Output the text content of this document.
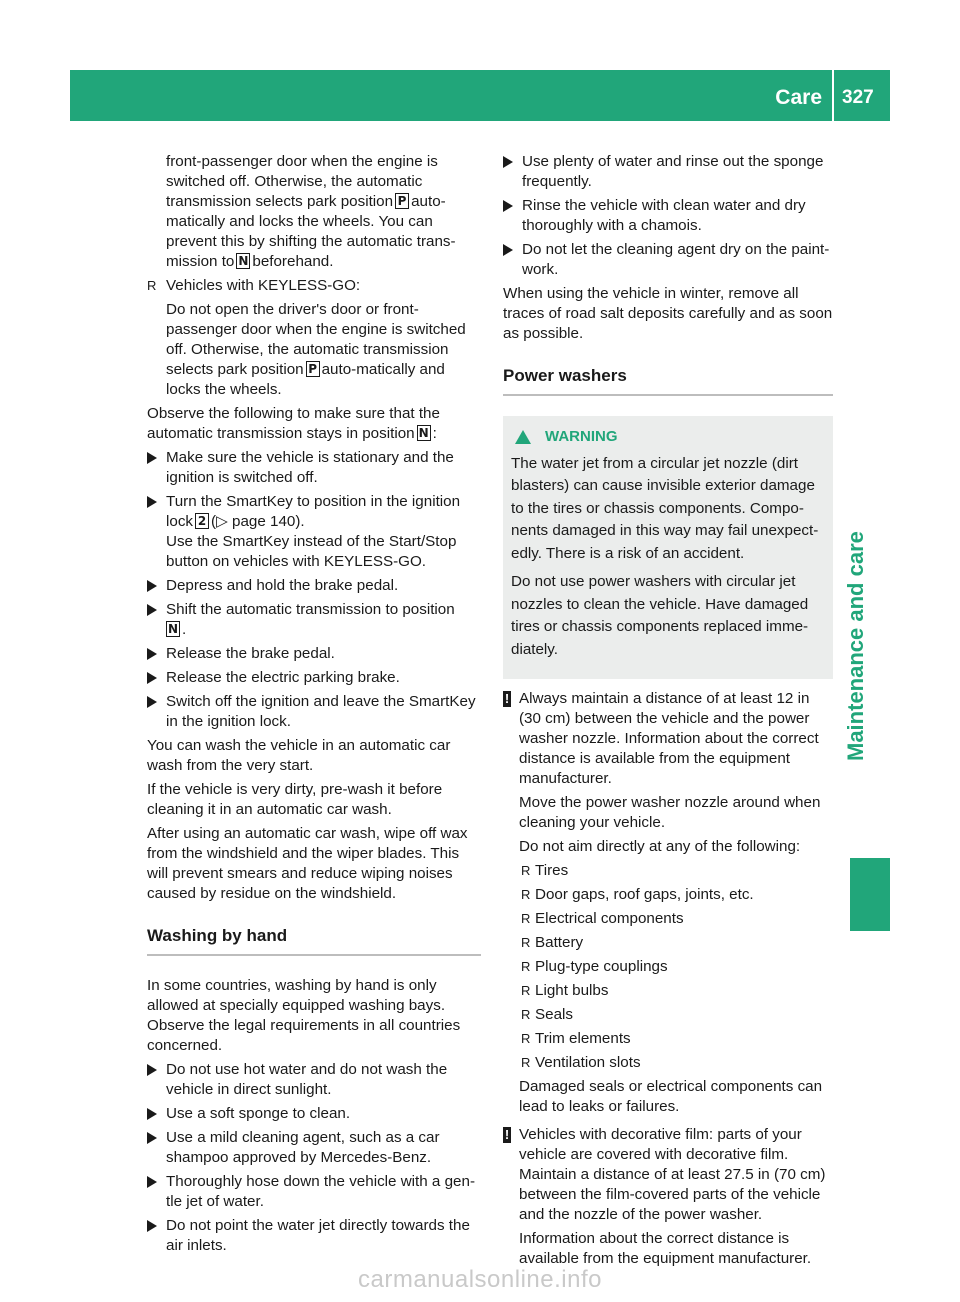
Care 327
Maintenance and care
front-passenger door when the engine is
switched off. Otherwise, the automatic
transmission selects park position P auto-
matically and locks the wheels. You can
prevent this by shifting the automatic trans-
mission to N beforehand.
R Vehicles with KEYLESS-GO:

Do not open the driver's door or front-passenger door when the engine is switched off. Otherwise, the automatic transmission selects park position P auto-matically and locks the wheels.

Observe the following to make sure that the automatic transmission stays in position N :

Make sure the vehicle is stationary and the ignition is switched off.
Turn the SmartKey to position in the ignition lock 2 (▷ page 140).
Use the SmartKey instead of the Start/Stop button on vehicles with KEYLESS-GO.
Depress and hold the brake pedal.
Shift the automatic transmission to position
N .
Release the brake pedal.
Release the electric parking brake.
Switch off the ignition and leave the SmartKey in the ignition lock.

You can wash the vehicle in an automatic car wash from the very start.

If the vehicle is very dirty, pre-wash it before cleaning it in an automatic car wash.

After using an automatic car wash, wipe off wax from the windshield and the wiper blades. This will prevent smears and reduce wiping noises caused by residue on the windshield.

Washing by hand

In some countries, washing by hand is only allowed at specially equipped washing bays. Observe the legal requirements in all countries concerned.

Do not use hot water and do not wash the vehicle in direct sunlight.
Use a soft sponge to clean.
Use a mild cleaning agent, such as a car shampoo approved by Mercedes-Benz.
Thoroughly hose down the vehicle with a gen-tle jet of water.
Do not point the water jet directly towards the air inlets.
Use plenty of water and rinse out the sponge frequently.
Rinse the vehicle with clean water and dry thoroughly with a chamois.
Do not let the cleaning agent dry on the paint-work.

When using the vehicle in winter, remove all traces of road salt deposits carefully and as soon as possible.

Power washers
WARNING

The water jet from a circular jet nozzle (dirt blasters) can cause invisible exterior damage to the tires or chassis components. Compo-nents damaged in this way may fail unexpect-edly. There is a risk of an accident.

Do not use power washers with circular jet nozzles to clean the vehicle. Have damaged tires or chassis components replaced imme-diately.

! Always maintain a distance of at least 12 in (30 cm) between the vehicle and the power washer nozzle. Information about the correct distance is available from the equipment manufacturer.

Move the power washer nozzle around when cleaning your vehicle.

Do not aim directly at any of the following:

R Tires
R Door gaps, roof gaps, joints, etc.
R Electrical components
R Battery
R Plug-type couplings
R Light bulbs
R Seals
R Trim elements
R Ventilation slots

Damaged seals or electrical components can lead to leaks or failures.

! Vehicles with decorative film: parts of your vehicle are covered with decorative film. Maintain a distance of at least 27.5 in (70 cm) between the film-covered parts of the vehicle and the nozzle of the power washer.

Information about the correct distance is available from the equipment manufacturer.

carmanualsonline.info
